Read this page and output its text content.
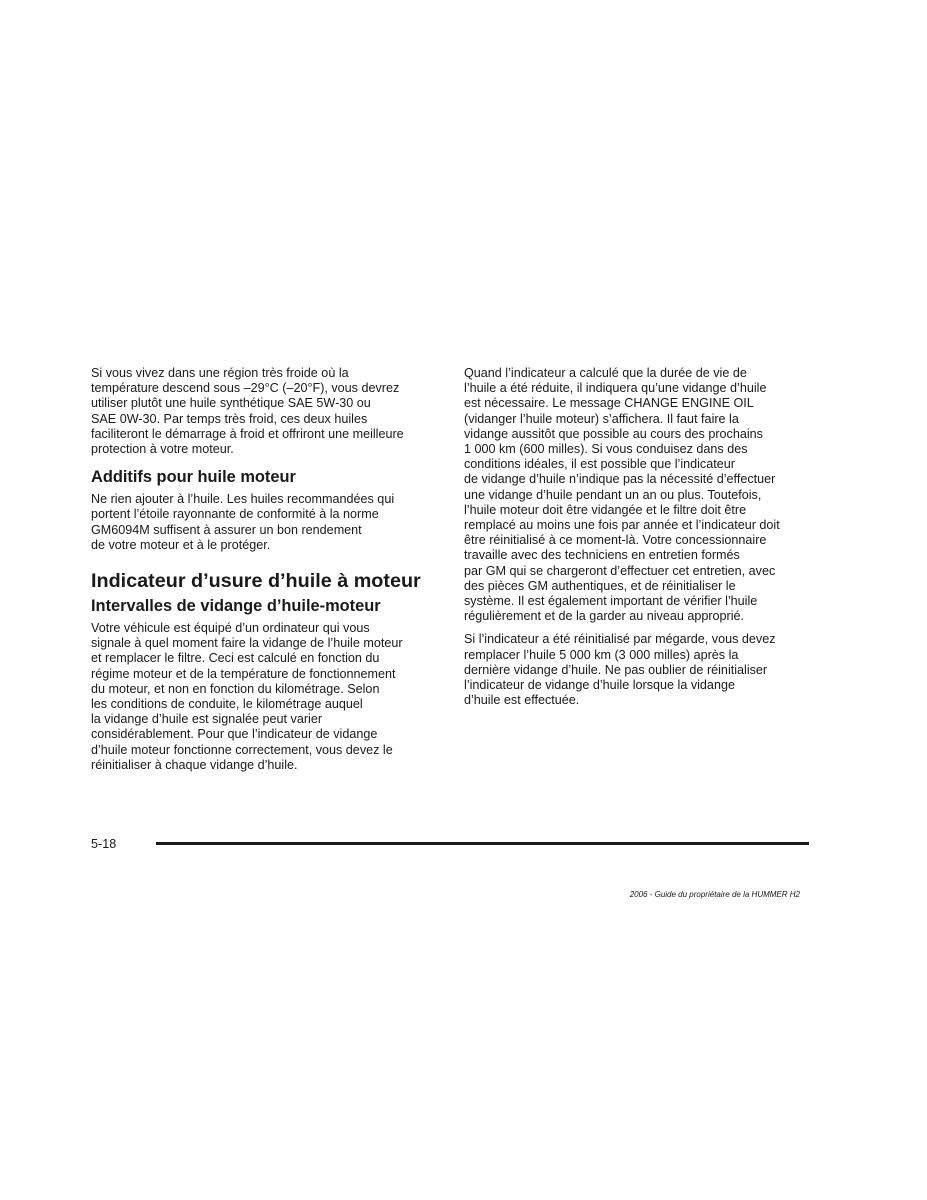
Si vous vivez dans une région très froide où la
température descend sous –29°C (–20°F), vous devrez
utiliser plutôt une huile synthétique SAE 5W-30 ou
SAE 0W-30. Par temps très froid, ces deux huiles
faciliteront le démarrage à froid et offriront une meilleure
protection à votre moteur.

Additifs pour huile moteur

Ne rien ajouter à l’huile. Les huiles recommandées qui
portent l’étoile rayonnante de conformité à la norme
GM6094M suffisent à assurer un bon rendement
de votre moteur et à le protéger.

Indicateur d’usure d’huile à moteur
Intervalles de vidange d’huile-moteur

Votre véhicule est équipé d’un ordinateur qui vous
signale à quel moment faire la vidange de l’huile moteur
et remplacer le filtre. Ceci est calculé en fonction du
régime moteur et de la température de fonctionnement
du moteur, et non en fonction du kilométrage. Selon
les conditions de conduite, le kilométrage auquel
la vidange d’huile est signalée peut varier
considérablement. Pour que l’indicateur de vidange
d’huile moteur fonctionne correctement, vous devez le
réinitialiser à chaque vidange d’huile.

Quand l’indicateur a calculé que la durée de vie de
l’huile a été réduite, il indiquera qu’une vidange d’huile
est nécessaire. Le message CHANGE ENGINE OIL
(vidanger l’huile moteur) s’affichera. Il faut faire la
vidange aussitôt que possible au cours des prochains
1 000 km (600 milles). Si vous conduisez dans des
conditions idéales, il est possible que l’indicateur
de vidange d’huile n’indique pas la nécessité d’effectuer
une vidange d’huile pendant un an ou plus. Toutefois,
l’huile moteur doit être vidangée et le filtre doit être
remplacé au moins une fois par année et l’indicateur doit
être réinitialisé à ce moment-là. Votre concessionnaire
travaille avec des techniciens en entretien formés
par GM qui se chargeront d’effectuer cet entretien, avec
des pièces GM authentiques, et de réinitialiser le
système. Il est également important de vérifier l’huile
régulièrement et de la garder au niveau approprié.

Si l’indicateur a été réinitialisé par mégarde, vous devez
remplacer l’huile 5 000 km (3 000 milles) après la
dernière vidange d’huile. Ne pas oublier de réinitialiser
l’indicateur de vidange d’huile lorsque la vidange
d’huile est effectuée.

5-18
2006 - Guide du propriétaire de la HUMMER H2
